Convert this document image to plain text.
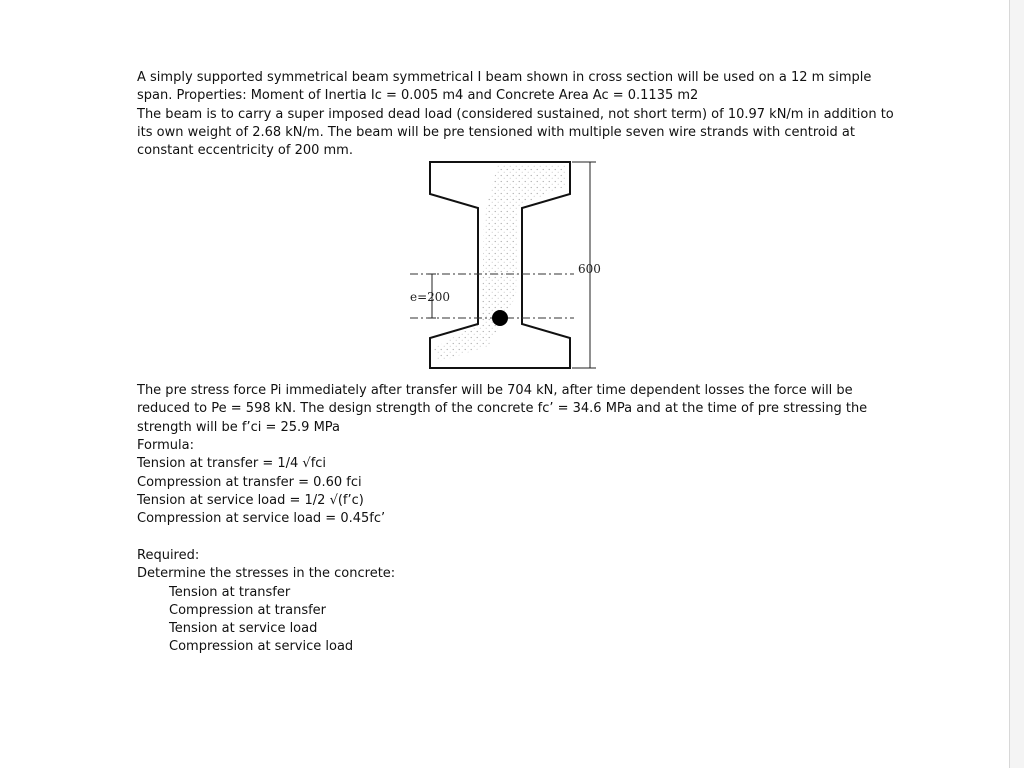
A simply supported symmetrical beam symmetrical I beam shown in cross section will be used on a 12 m simple

span. Properties: Moment of Inertia Ic = 0.005 m4 and Concrete Area Ac = 0.1135 m2

The beam is to carry a super imposed dead load (considered sustained, not short term) of 10.97 kN/m in addition to

its own weight of 2.68 kN/m. The beam will be pre tensioned with multiple seven wire strands with centroid at

constant eccentricity of 200 mm.

e=200
600

The pre stress force Pi immediately after transfer will be 704 kN, after time dependent losses the force will be

reduced to Pe = 598 kN. The design strength of the concrete fc’ = 34.6 MPa and at the time of pre stressing the

strength will be f’ci = 25.9 MPa

Formula:

Tension at transfer = 1/4 √fci

Compression at transfer = 0.60 fci

Tension at service load = 1/2 √(f’c)

Compression at service load = 0.45fc’

Required:

Determine the stresses in the concrete:

Tension at transfer

Compression at transfer

Tension at service load

Compression at service load
